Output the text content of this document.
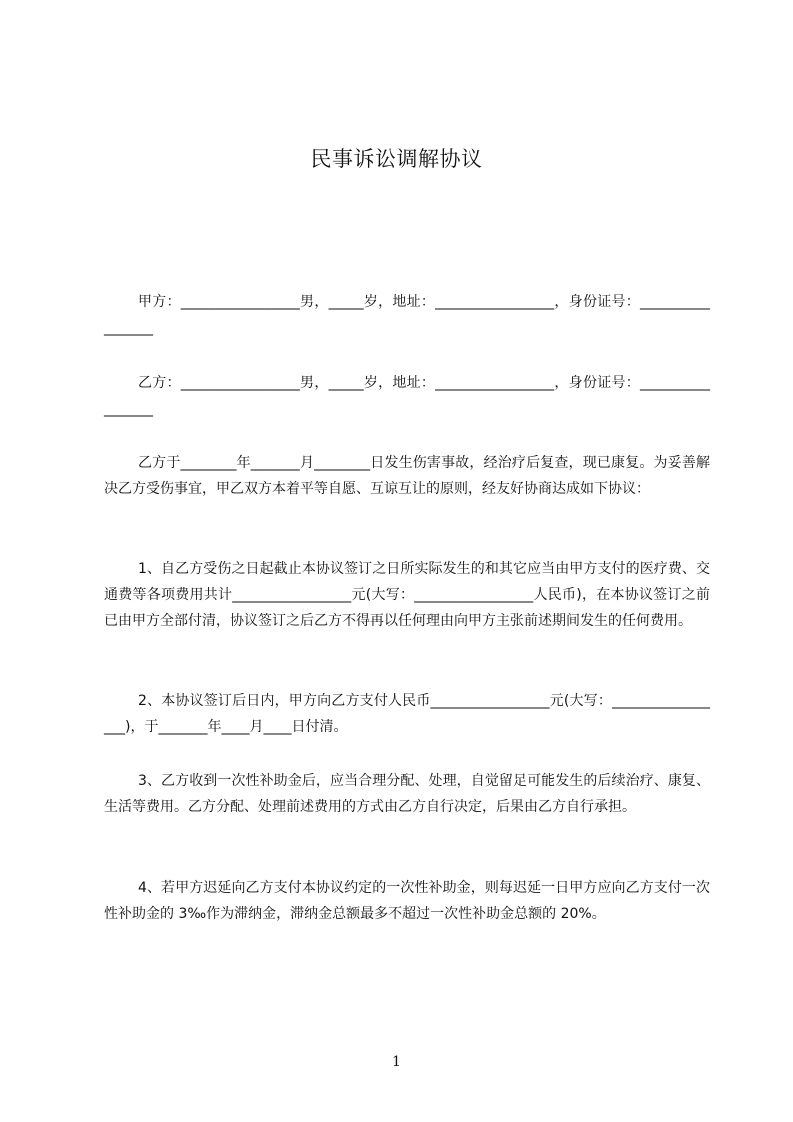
民事诉讼调解协议
甲方：_________________男，_____岁，地址：_________________，身份证号：_________________
乙方：_________________男，_____岁，地址：_________________，身份证号：_________________
乙方于________年_______月________日发生伤害事故，经治疗后复查，现已康复。为妥善解决乙方受伤事宜，甲乙双方本着平等自愿、互谅互让的原则，经友好协商达成如下协议：
1、自乙方受伤之日起截止本协议签订之日所实际发生的和其它应当由甲方支付的医疗费、交通费等各项费用共计_________________元(大写：_________________人民币)，在本协议签订之前已由甲方全部付清，协议签订之后乙方不得再以任何理由向甲方主张前述期间发生的任何费用。
2、本协议签订后日内，甲方向乙方支付人民币_________________元(大写：_________________)，于_______年____月____日付清。
3、乙方收到一次性补助金后，应当合理分配、处理，自觉留足可能发生的后续治疗、康复、生活等费用。乙方分配、处理前述费用的方式由乙方自行决定，后果由乙方自行承担。
4、若甲方迟延向乙方支付本协议约定的一次性补助金，则每迟延一日甲方应向乙方支付一次性补助金的 3‰作为滞纳金，滞纳金总额最多不超过一次性补助金总额的 20%。
1
